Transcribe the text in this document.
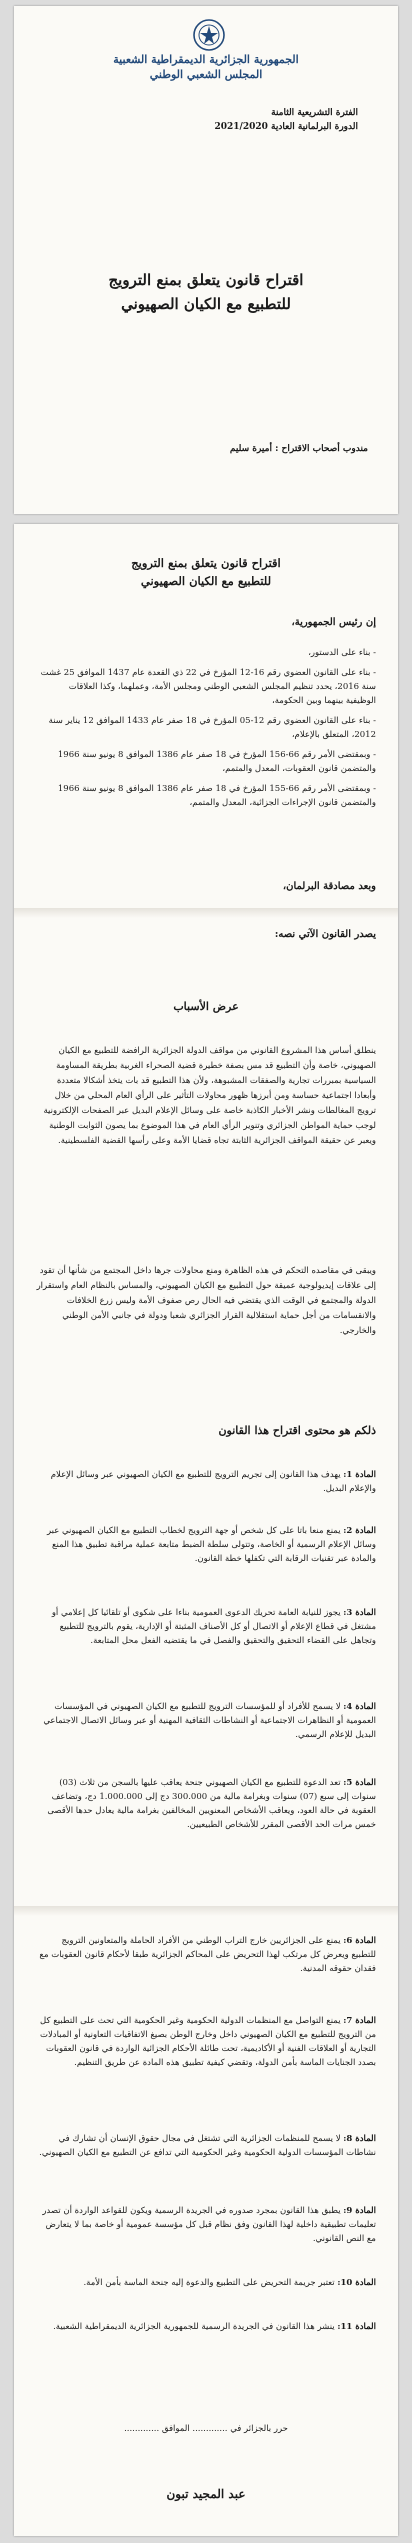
الجمهورية الجزائرية الديمقراطية الشعبية
المجلس الشعبي الوطني
الفترة التشريعية الثامنة
الدورة البرلمانية العادية 2021/2020
اقتراح قانون يتعلق بمنع الترويج
للتطبيع مع الكيان الصهيوني
مندوب أصحاب الاقتراح : أميرة سليم
اقتراح قانون يتعلق بمنع الترويج
للتطبيع مع الكيان الصهيوني
إن رئيس الجمهورية،
- بناء على الدستور،
- بناء على القانون العضوي رقم 16-12 المؤرخ في 22 ذي القعدة عام 1437 الموافق 25 غشت سنة 2016، يحدد تنظيم المجلس الشعبي الوطني ومجلس الأمة، وعملهما، وكذا العلاقات الوظيفية بينهما وبين الحكومة،
- بناء على القانون العضوي رقم 12-05 المؤرخ في 18 صفر عام 1433 الموافق 12 يناير سنة 2012، المتعلق بالإعلام،
- وبمقتضى الأمر رقم 66-156 المؤرخ في 18 صفر عام 1386 الموافق 8 يونيو سنة 1966 والمتضمن قانون العقوبات، المعدل والمتمم،
- وبمقتضى الأمر رقم 66-155 المؤرخ في 18 صفر عام 1386 الموافق 8 يونيو سنة 1966 والمتضمن قانون الإجراءات الجزائية، المعدل والمتمم،
وبعد مصادقة البرلمان،
يصدر القانون الآتي نصه:
عرض الأسباب
ينطلق أساس هذا المشروع القانوني من مواقف الدولة الجزائرية الرافضة للتطبيع مع الكيان الصهيوني، خاصة وأن التطبيع قد مس بصفة خطيرة قضية الصحراء الغربية بطريقة المساومة السياسية بمبررات تجارية والصفقات المشبوهة، ولأن هذا التطبيع قد بات يتخذ أشكالا متعددة وأبعادا اجتماعية حساسة ومن أبرزها ظهور محاولات التأثير على الرأي العام المحلي من خلال ترويج المغالطات ونشر الأخبار الكاذبة خاصة على وسائل الإعلام البديل عبر الصفحات الإلكترونية لوجب حماية المواطن الجزائري وتنوير الرأي العام في هذا الموضوع بما يصون الثوابت الوطنية ويعبر عن حقيقة المواقف الجزائرية الثابتة تجاه قضايا الأمة وعلى رأسها القضية الفلسطينية.
ويبقى في مقاصده التحكم في هذه الظاهرة ومنع محاولات جرها داخل المجتمع من شأنها أن تقود إلى علاقات إيديولوجية عميقة حول التطبيع مع الكيان الصهيوني، والمساس بالنظام العام واستقرار الدولة والمجتمع في الوقت الذي يقتضي فيه الحال رص صفوف الأمة وليس زرع الخلافات والانقسامات من أجل حماية استقلالية القرار الجزائري شعبا ودولة في جانبي الأمن الوطني والخارجي.
ذلكم هو محتوى اقتراح هذا القانون
المادة 1: يهدف هذا القانون إلى تجريم الترويج للتطبيع مع الكيان الصهيوني عبر وسائل الإعلام والإعلام البديل.
المادة 2: يمنع منعا باتا على كل شخص أو جهة الترويج لخطاب التطبيع مع الكيان الصهيوني عبر وسائل الإعلام الرسمية أو الخاصة، وتتولى سلطة الضبط متابعة عملية مراقبة تطبيق هذا المنع والمادة عبر تقنيات الرقابة التي تكفلها خطة القانون.
المادة 3: يجوز للنيابة العامة تحريك الدعوى العمومية بناءا على شكوى أو تلقائيا كل إعلامي أو مشتغل في قطاع الإعلام أو الاتصال أو كل الأصناف المثبتة أو الإدارية، يقوم بالترويج للتطبيع وتجاهل على القضاء التحقيق والتحقيق والفصل في ما يقتضيه الفعل محل المتابعة.
المادة 4: لا يسمح للأفراد أو للمؤسسات الترويج للتطبيع مع الكيان الصهيوني في المؤسسات العمومية أو النظاهرات الاجتماعية أو النشاطات الثقافية المهنية أو عبر وسائل الاتصال الاجتماعي البديل للإعلام الرسمي.
المادة 5: تعد الدعوة للتطبيع مع الكيان الصهيوني جنحة يعاقب عليها بالسجن من ثلاث (03) سنوات إلى سبع (07) سنوات وبغرامة مالية من 300.000 دج إلى 1.000.000 دج، وتضاعف العقوبة في حالة العود، ويعاقب الأشخاص المعنويين المخالفين بغرامة مالية يعادل حدها الأقصى خمس مرات الحد الأقصى المقرر للأشخاص الطبيعيين.
المادة 6: يمنع على الجزائريين خارج التراب الوطني من الأفراد الحاملة والمتعاونين الترويج للتطبيع ويعرض كل مرتكب لهذا التحريض على المحاكم الجزائرية طبقا لأحكام قانون العقوبات مع فقدان حقوقه المدنية.
المادة 7: يمنع التواصل مع المنظمات الدولية الحكومية وغير الحكومية التي تحث على التطبيع كل من الترويج للتطبيع مع الكيان الصهيوني داخل وخارج الوطن بصيغ الاتفاقيات التعاونية أو المبادلات التجارية أو العلاقات الفنية أو الأكاديمية، تحت طائلة الأحكام الجزائية الواردة في قانون العقوبات بصدد الجنايات الماسة بأمن الدولة، وتقضي كيفية تطبيق هذه المادة عن طريق التنظيم.
المادة 8: لا يسمح للمنظمات الجزائرية التي تشتغل في مجال حقوق الإنسان أن تشارك في نشاطات المؤسسات الدولية الحكومية وغير الحكومية التي تدافع عن التطبيع مع الكيان الصهيوني.
المادة 9: يطبق هذا القانون بمجرد صدوره في الجريدة الرسمية ويكون للقواعد الواردة أن تصدر تعليمات تطبيقية داخلية لهذا القانون وفق نظام قبل كل مؤسسة عمومية أو خاصة بما لا يتعارض مع النص القانوني.
المادة 10: تعتبر جريمة التحريض على التطبيع والدعوة إليه جنحة الماسة بأمن الأمة.
المادة 11: ينشر هذا القانون في الجريدة الرسمية للجمهورية الجزائرية الديمقراطية الشعبية.
حرر بالجزائر في ............. الموافق .............
عبد المجيد تبون
